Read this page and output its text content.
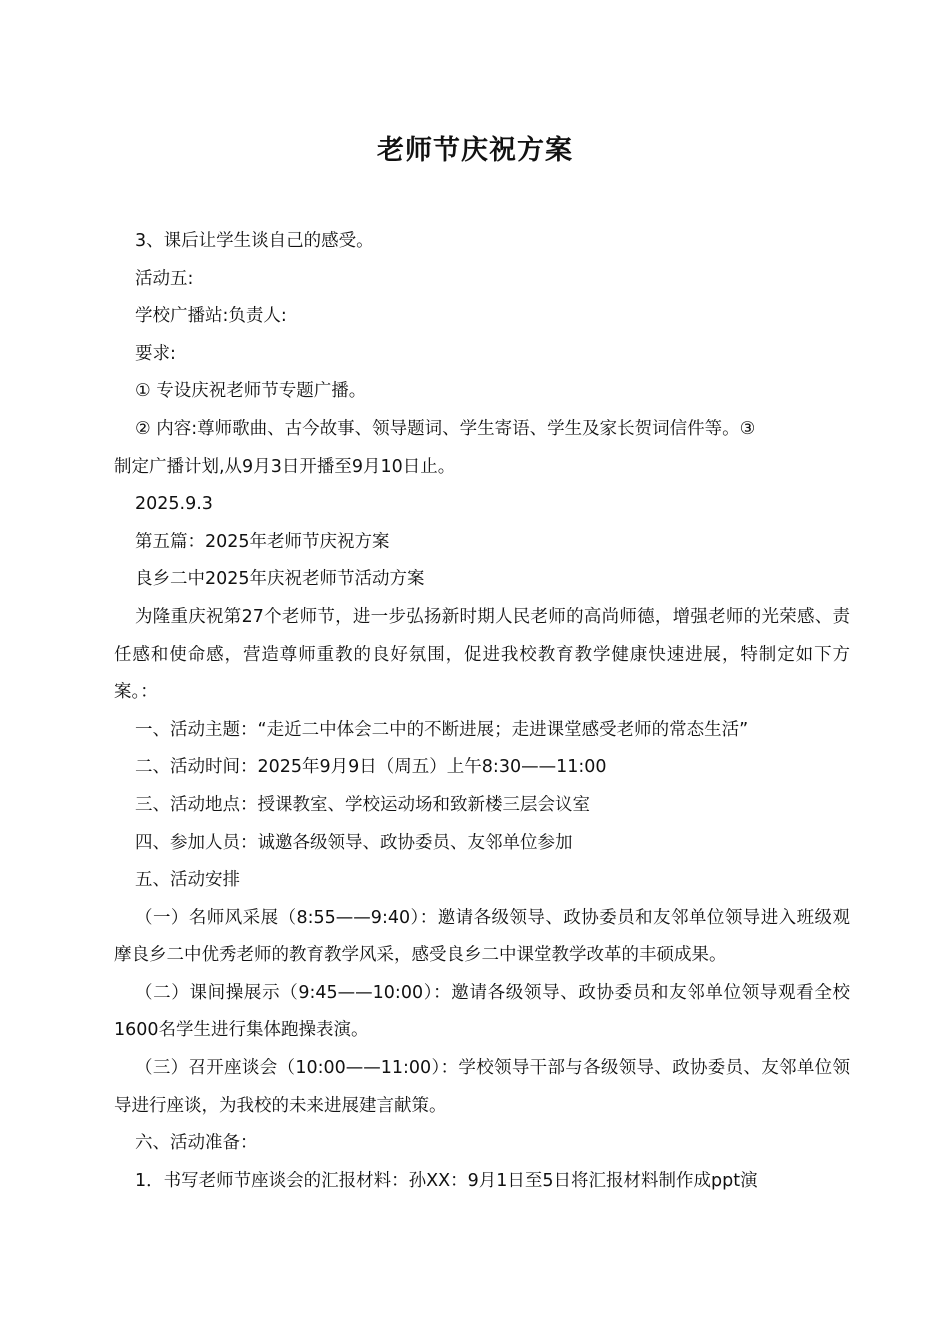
老师节庆祝方案

3、课后让学生谈自己的感受。

活动五:

学校广播站:负责人:

要求:

① 专设庆祝老师节专题广播。

② 内容:尊师歌曲、古今故事、领导题词、学生寄语、学生及家长贺词信件等。③

制定广播计划,从9月3日开播至9月10日止。

2025.9.3

第五篇：2025年老师节庆祝方案

良乡二中2025年庆祝老师节活动方案

为隆重庆祝第27个老师节，进一步弘扬新时期人民老师的高尚师德，增强老师的光荣感、责任感和使命感，营造尊师重教的良好氛围，促进我校教育教学健康快速进展，特制定如下方案。：

一、活动主题：“走近二中体会二中的不断进展；走进课堂感受老师的常态生活”

二、活动时间：2025年9月9日（周五）上午8:30——11:00

三、活动地点：授课教室、学校运动场和致新楼三层会议室

四、参加人员：诚邀各级领导、政协委员、友邻单位参加

五、活动安排

（一）名师风采展（8:55——9:40）：邀请各级领导、政协委员和友邻单位领导进入班级观摩良乡二中优秀老师的教育教学风采，感受良乡二中课堂教学改革的丰硕成果。

（二）课间操展示（9:45——10:00）：邀请各级领导、政协委员和友邻单位领导观看全校1600名学生进行集体跑操表演。

（三）召开座谈会（10:00——11:00）：学校领导干部与各级领导、政协委员、友邻单位领导进行座谈，为我校的未来进展建言献策。

六、活动准备：

1．书写老师节座谈会的汇报材料：孙XX：9月1日至5日将汇报材料制作成ppt演
